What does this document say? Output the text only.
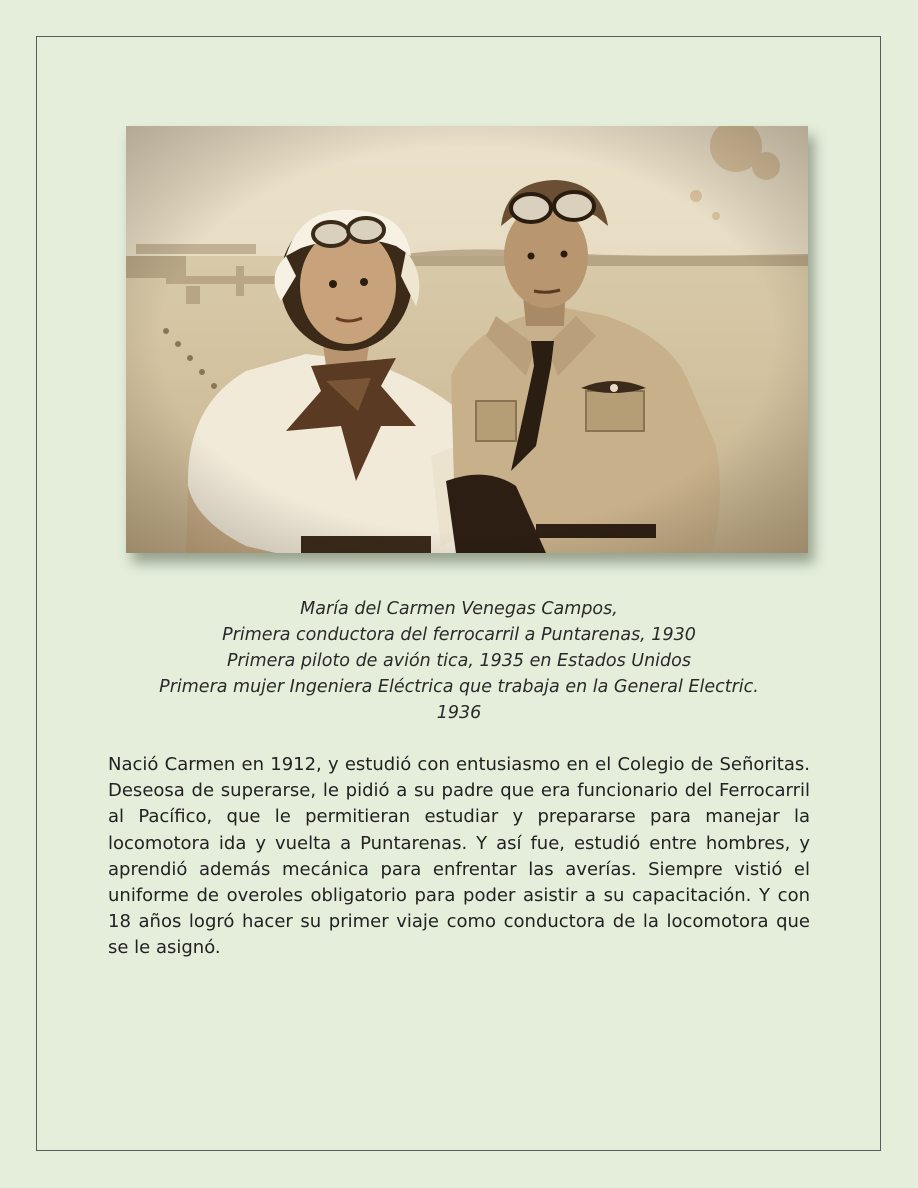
María del Carmen Venegas Campos,
Primera conductora del ferrocarril a Puntarenas, 1930
Primera piloto de avión tica, 1935 en Estados Unidos
Primera mujer Ingeniera Eléctrica que trabaja en la General Electric.
1936

Nació Carmen en 1912, y estudió con entusiasmo en el Colegio de Señoritas. Deseosa de superarse, le pidió a su padre que era funcionario del Ferrocarril al Pacífico, que le permitieran estudiar y prepararse para manejar la locomotora ida y vuelta a Puntarenas. Y así fue, estudió entre hombres, y aprendió además mecánica para enfrentar las averías. Siempre vistió el uniforme de overoles obligatorio para poder asistir a su capacitación. Y con 18 años logró hacer su primer viaje como conductora de la locomotora que se le asignó.
